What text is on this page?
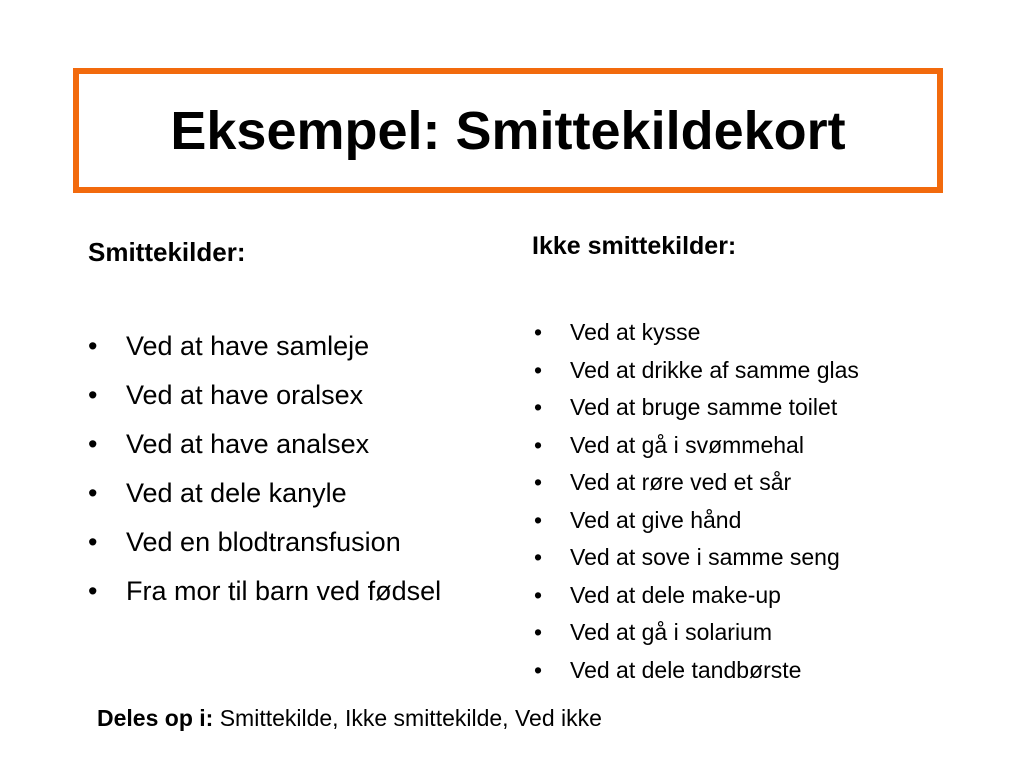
Eksempel: Smittekildekort
Smittekilder:
• Ved at have samleje
• Ved at have oralsex
• Ved at have analsex
• Ved at dele kanyle
• Ved en blodtransfusion
• Fra mor til barn ved fødsel
Ikke smittekilder:
• Ved at kysse
• Ved at drikke af samme glas
• Ved at bruge samme toilet
• Ved at gå i svømmehal
• Ved at røre ved et sår
• Ved at give hånd
• Ved at sove i samme seng
• Ved at dele make-up
• Ved at gå i solarium
• Ved at dele tandbørste

Deles op i: Smittekilde, Ikke smittekilde, Ved ikke
